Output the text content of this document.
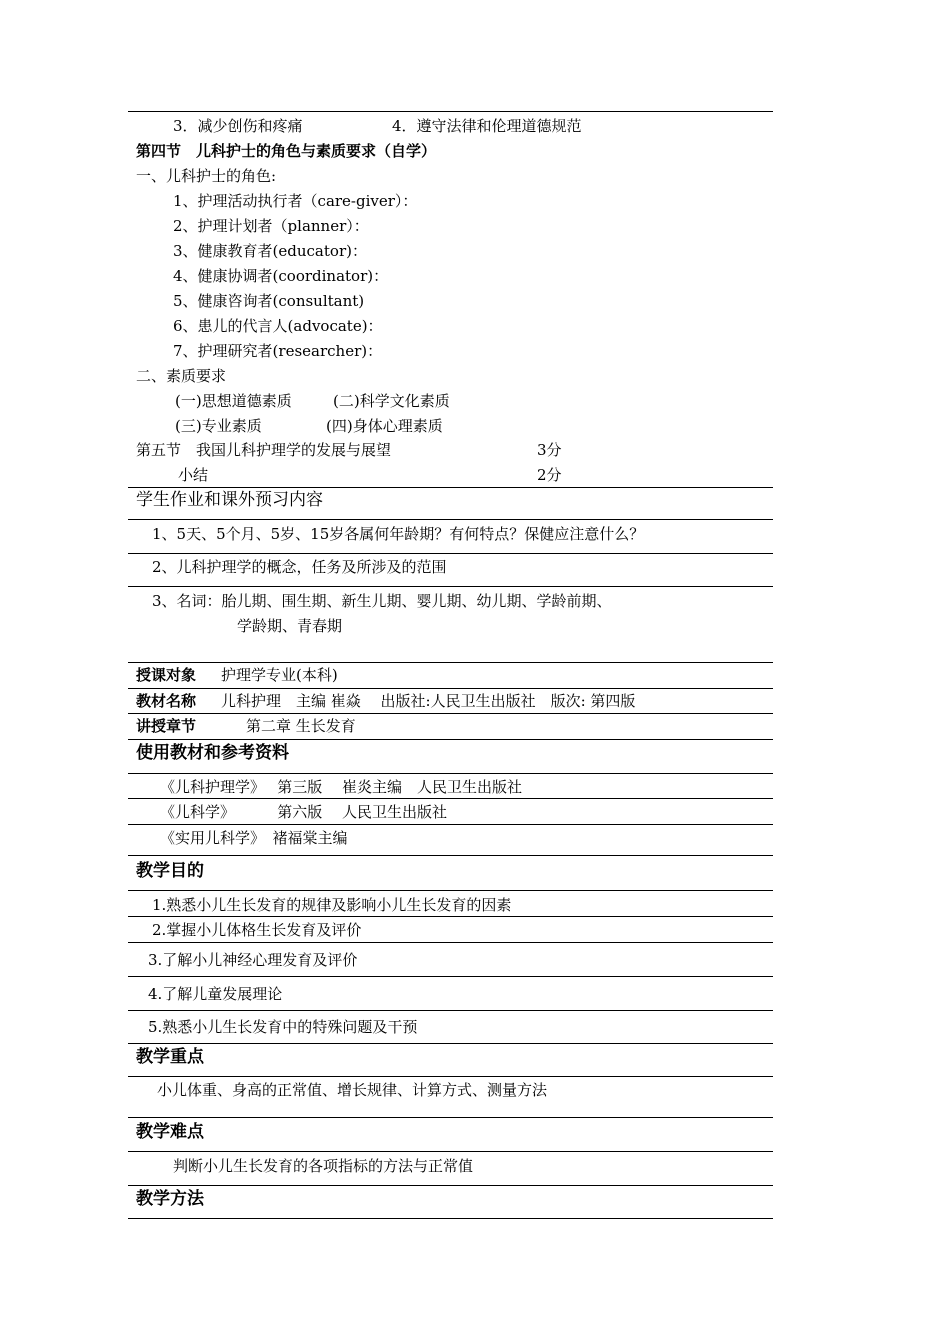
3．减少创伤和疼痛	4．遵守法律和伦理道德规范
第四节　儿科护士的角色与素质要求（自学）
一、儿科护士的角色:
1、护理活动执行者（care-giver）：
2、护理计划者（planner）：
3、健康教育者(educator)：
4、健康协调者(coordinator)：
5、健康咨询者(consultant)
6、患儿的代言人(advocate)：
7、护理研究者(researcher)：
二、素质要求
(一)思想道德素质	(二)科学文化素质
(三)专业素质	(四)身体心理素质
第五节　我国儿科护理学的发展与展望	3分
小结	2分
学生作业和课外预习内容
1、5天、5个月、5岁、15岁各属何年龄期？有何特点？保健应注意什么？
2、儿科护理学的概念，任务及所涉及的范围
3、名词：胎儿期、围生期、新生儿期、婴儿期、幼儿期、学龄前期、
学龄期、青春期
授课对象 护理学专业(本科)
教材名称 儿科护理　主编 崔焱　 出版社:人民卫生出版社　版次: 第四版
讲授章节	第二章 生长发育
使用教材和参考资料
《儿科护理学》　 第三版　 崔炎主编　人民卫生出版社
《儿科学》　　　 第六版　 人民卫生出版社
《实用儿科学》　褚福棠主编
教学目的
1.熟悉小儿生长发育的规律及影响小儿生长发育的因素
2.掌握小儿体格生长发育及评价
3.了解小儿神经心理发育及评价
4.了解儿童发展理论
5.熟悉小儿生长发育中的特殊问题及干预
教学重点
小儿体重、身高的正常值、增长规律、计算方式、测量方法
教学难点
判断小儿生长发育的各项指标的方法与正常值
教学方法
